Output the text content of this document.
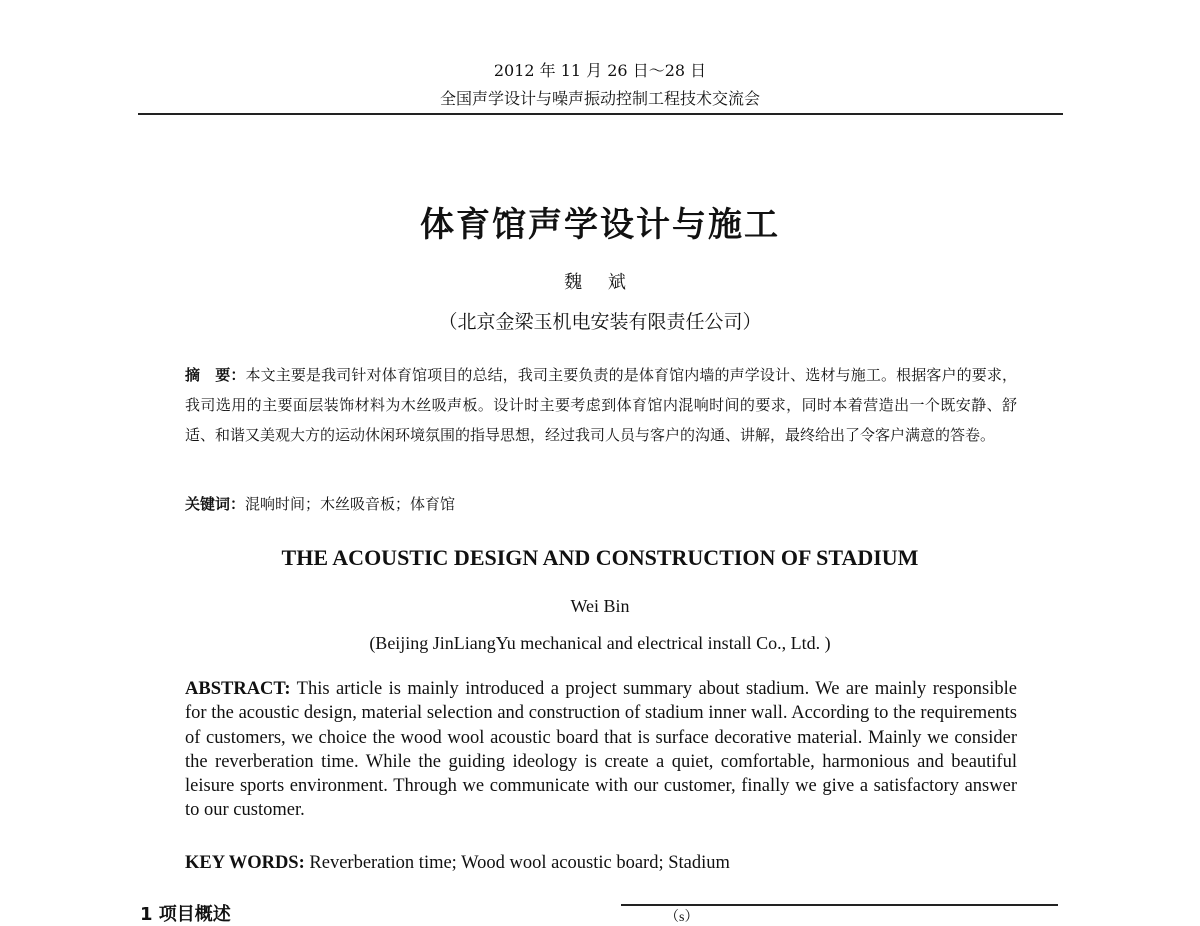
2012 年 11 月 26 日～28 日
全国声学设计与噪声振动控制工程技术交流会
体育馆声学设计与施工
魏 斌
（北京金梁玉机电安装有限责任公司）
摘　要：本文主要是我司针对体育馆项目的总结，我司主要负责的是体育馆内墙的声学设计、选材与施工。根据客户的要求，我司选用的主要面层装饰材料为木丝吸声板。设计时主要考虑到体育馆内混响时间的要求，同时本着营造出一个既安静、舒适、和谐又美观大方的运动休闲环境氛围的指导思想，经过我司人员与客户的沟通、讲解，最终给出了令客户满意的答卷。
关键词：混响时间；木丝吸音板；体育馆
THE ACOUSTIC DESIGN AND CONSTRUCTION OF STADIUM
Wei Bin
(Beijing JinLiangYu mechanical and electrical install Co., Ltd. )
ABSTRACT: This article is mainly introduced a project summary about stadium. We are mainly responsible for the acoustic design, material selection and construction of stadium inner wall. According to the requirements of customers, we choice the wood wool acoustic board that is surface decorative material. Mainly we consider the reverberation time. While the guiding ideology is create a quiet, comfortable, harmonious and beautiful leisure sports environment. Through we communicate with our customer, finally we give a satisfactory answer to our customer.
KEY WORDS: Reverberation time; Wood wool acoustic board; Stadium
1 项目概述	（s）
